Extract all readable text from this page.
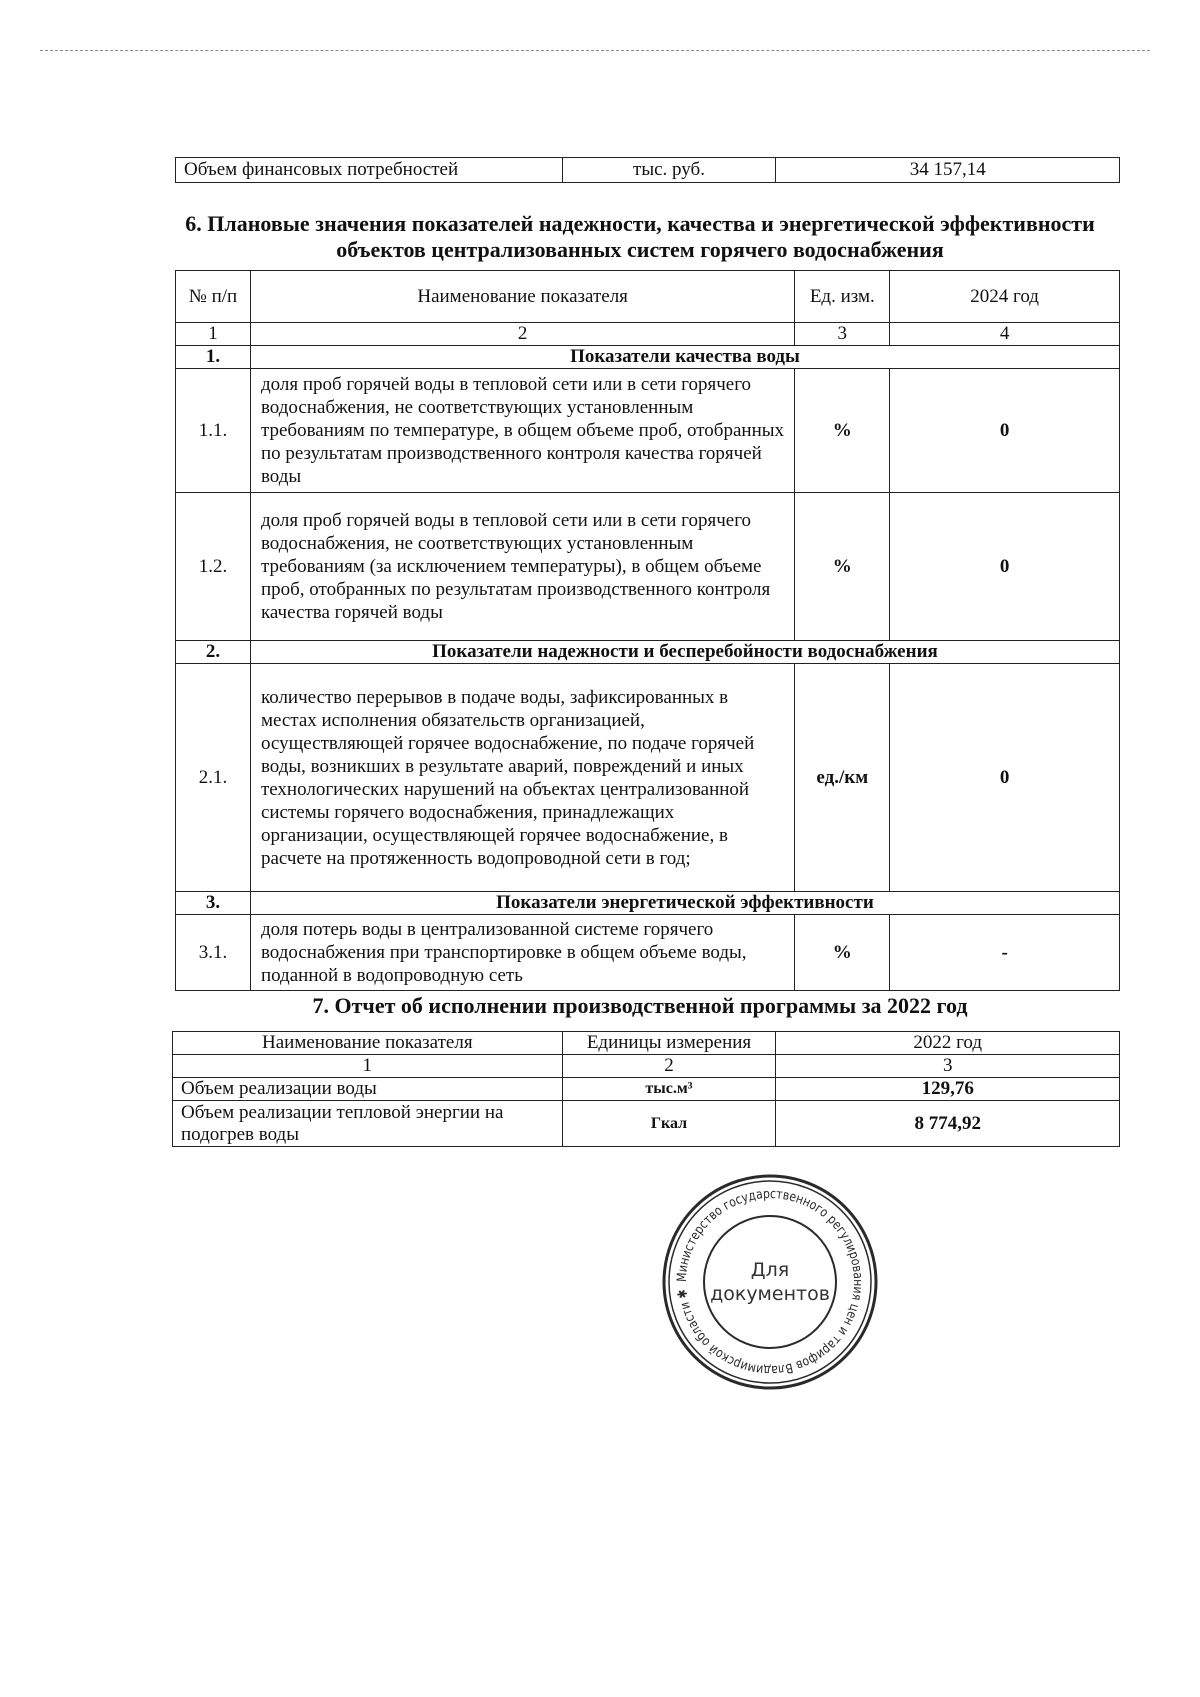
Объем финансовых потребностей	тыс. руб.	34 157,14
6. Плановые значения показателей надежности, качества и энергетической эффективности объектов централизованных систем горячего водоснабжения
№ п/п	Наименование показателя	Ед. изм.	2024 год
1	2	3	4
1.	Показатели качества воды		
1.1.	доля проб горячей воды в тепловой сети или в сети горячего водоснабжения, не соответствующих установленным требованиям по температуре, в общем объеме проб, отобранных по результатам производственного контроля качества горячей воды	%	0
1.2.	доля проб горячей воды в тепловой сети или в сети горячего водоснабжения, не соответствующих установленным требованиям (за исключением температуры), в общем объеме проб, отобранных по результатам производственного контроля качества горячей воды	%	0
2.	Показатели надежности и бесперебойности водоснабжения		
2.1.	количество перерывов в подаче воды, зафиксированных в местах исполнения обязательств организацией, осуществляющей горячее водоснабжение, по подаче горячей воды, возникших в результате аварий, повреждений и иных технологических нарушений на объектах централизованной системы горячего водоснабжения, принадлежащих организации, осуществляющей горячее водоснабжение, в расчете на протяженность водопроводной сети в год;	ед./км	0
3.	Показатели энергетической эффективности		
3.1.	доля потерь воды в централизованной системе горячего водоснабжения при транспортировке в общем объеме воды, поданной в водопроводную сеть	%	-
7. Отчет об исполнении производственной программы за 2022 год
Наименование показателя	Единицы измерения	2022 год
1	2	3
Объем реализации воды	тыс.м³	129,76
Объем реализации тепловой энергии на подогрев воды	Гкал	8 774,92
Министерство государственного регулирования цен и тарифов Владимирской области ✱
Для
документов
